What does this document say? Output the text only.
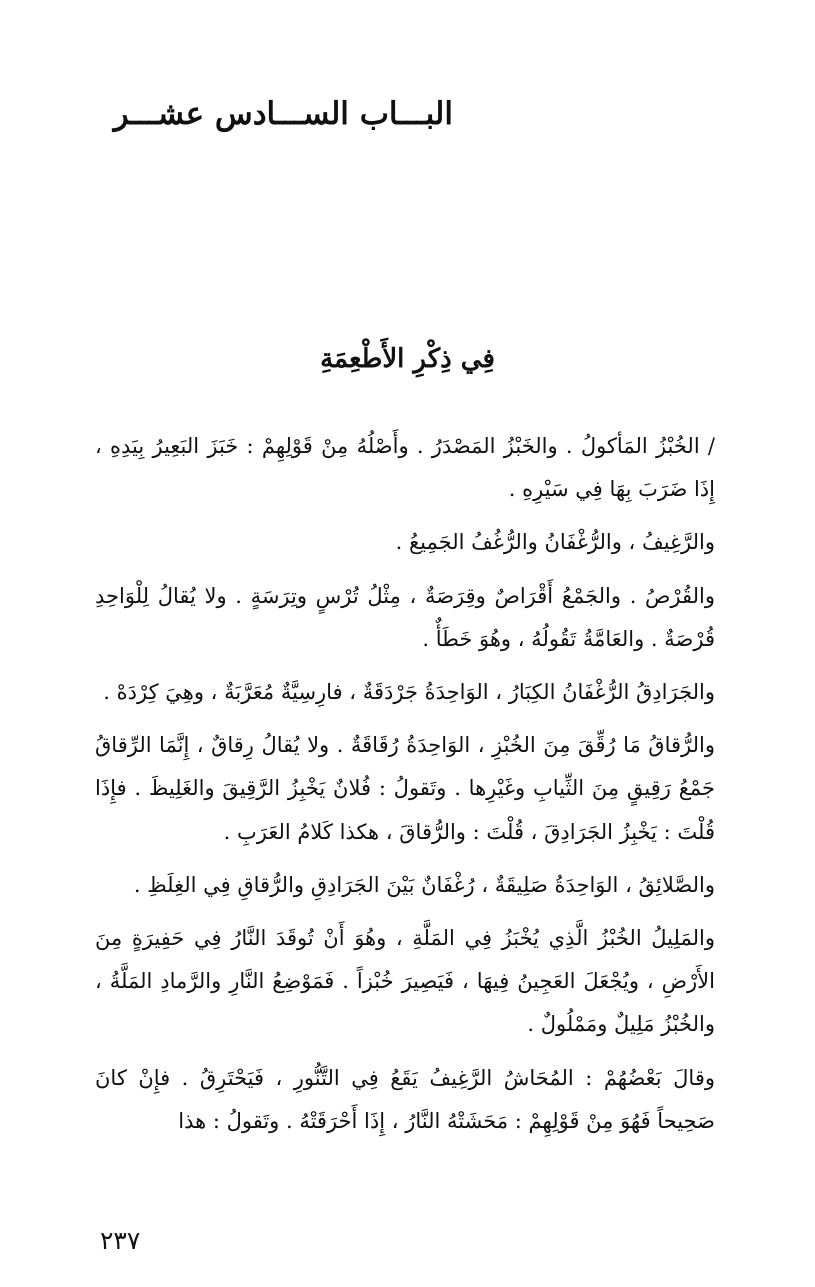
البـــاب الســـادس عشـــر
فِي ذِكْرِ الأَطْعِمَةِ

/ الخُبْزُ المَأكولُ . والخَبْزُ المَصْدَرُ . وأَصْلُهُ مِنْ قَوْلِهِمْ : خَبَزَ البَعِيرُ بِيَدِهِ ، إِذَا ضَرَبَ بِهَا فِي سَيْرِهِ .

والرَّغِيفُ ، والرُّغْفَانُ والرُّغُفُ الجَمِيعُ .

والقُرْصُ . والجَمْعُ أَقْرَاصٌ وقِرَصَةٌ ، مِثْلُ تُرْسٍ وتِرَسَةٍ . ولا يُقالُ لِلْوَاحِدِ قُرْصَةٌ . والعَامَّةُ تَقُولُهُ ، وهُوَ خَطَأٌ .

والجَرَادِقُ الرُّغْفَانُ الكِبَارُ ، الوَاحِدَةُ جَرْدَقَةٌ ، فارِسِيَّةٌ مُعَرَّبَةٌ ، وهِيَ كِرْدَهْ .

والرُّقاقُ مَا رُقِّقَ مِنَ الخُبْزِ ، الوَاحِدَةُ رُقَاقَةٌ . ولا يُقالُ رِقاقٌ ، إِنَّمَا الرِّقاقُ جَمْعُ رَقِيقٍ مِنَ الثِّيابِ وغَيْرِها . وتَقولُ : فُلانٌ يَخْبِزُ الرَّقِيقَ والغَلِيظَ . فإِذَا قُلْتَ : يَخْبِزُ الجَرَادِقَ ، قُلْتَ : والرُّقاقَ ، هكذا كَلامُ العَرَبِ .

والصَّلائِقُ ، الوَاحِدَةُ صَلِيقَةٌ ، رُغْفَانٌ بَيْنَ الجَرَادِقِ والرُّقاقِ فِي الغِلَظِ .

والمَلِيلُ الخُبْزُ الَّذِي يُخْبَزُ فِي المَلَّةِ ، وهُوَ أَنْ تُوقَدَ النَّارُ فِي حَفِيرَةٍ مِنَ الأَرْضِ ، ويُجْعَلَ العَجِينُ فِيهَا ، فَيَصِيرَ خُبْزاً . فَمَوْضِعُ النَّارِ والرَّمادِ المَلَّةُ ، والخُبْزُ مَلِيلٌ ومَمْلُولٌ .

وقالَ بَعْضُهُمْ : المُحَاشُ الرَّغِيفُ يَقَعُ فِي التَّنُّورِ ، فَيَحْتَرِقُ . فإِنْ كانَ صَحِيحاً فَهُوَ مِنْ قَوْلِهِمْ : مَحَشَتْهُ النَّارُ ، إِذَا أَحْرَقَتْهُ . وتَقولُ : هذا

٢٣٧
